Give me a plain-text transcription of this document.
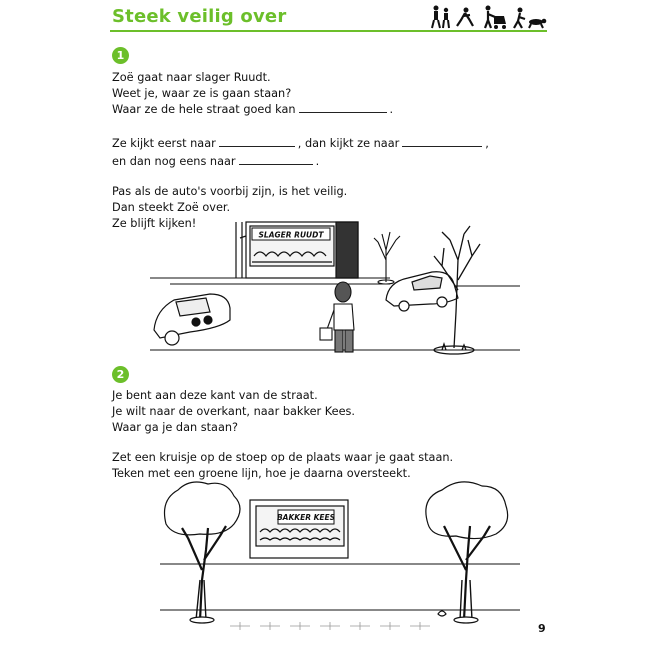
Steek veilig over
1
Zoë gaat naar slager Ruudt.
Weet je, waar ze is gaan staan?
Waar ze de hele straat goed kan	.
Ze kijkt eerst naar	, dan kijkt ze naar	,
en dan nog eens naar	.
Pas als de auto's voorbij zijn, is het veilig.
Dan steekt Zoë over.
Ze blijft kijken!
SLAGER RUUDT
2
Je bent aan deze kant van de straat.
Je wilt naar de overkant, naar bakker Kees.
Waar ga je dan staan?
Zet een kruisje op de stoep op de plaats waar je gaat staan.
Teken met een groene lijn, hoe je daarna oversteekt.
BAKKER KEES
9
